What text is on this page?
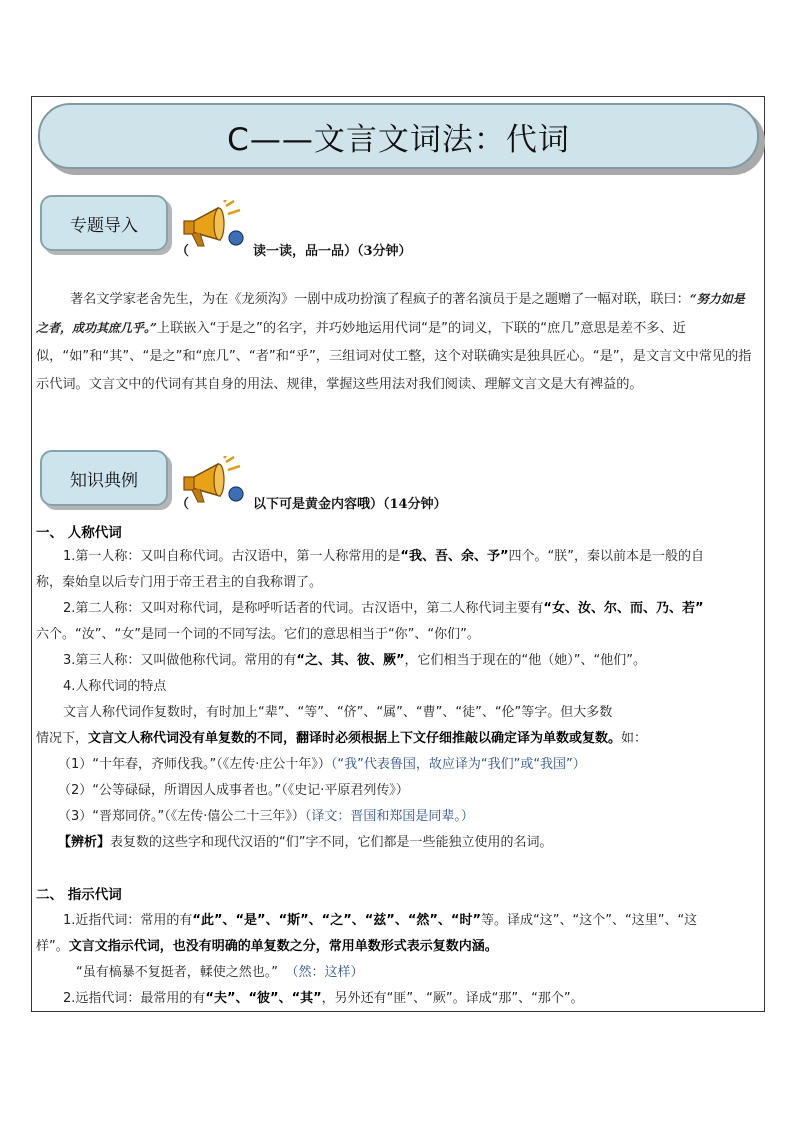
C——文言文词法：代词
专题导入
（	读一读，品一品）（3分钟）
著名文学家老舍先生，为在《龙须沟》一剧中成功扮演了程疯子的著名演员于是之题赠了一幅对联，联曰：“努力如是之者，成功其庶几乎。”上联嵌入“于是之”的名字，并巧妙地运用代词“是”的词义，下联的“庶几”意思是差不多、近似，“如”和“其”、“是之”和“庶几”、“者”和“乎”，三组词对仗工整，这个对联确实是独具匠心。“是”，是文言文中常见的指示代词。文言文中的代词有其自身的用法、规律，掌握这些用法对我们阅读、理解文言文是大有裨益的。
知识典例
（	以下可是黄金内容哦）（14分钟）
一、 人称代词
1.第一人称：又叫自称代词。古汉语中，第一人称常用的是“我、吾、余、予”四个。“朕”，秦以前本是一般的自
称，秦始皇以后专门用于帝王君主的自我称谓了。
2.第二人称：又叫对称代词，是称呼听话者的代词。古汉语中，第二人称代词主要有“女、汝、尔、而、乃、若”
六个。“汝”、“女”是同一个词的不同写法。它们的意思相当于“你”、“你们”。
3.第三人称：又叫做他称代词。常用的有“之、其、彼、厥”，它们相当于现在的“他（她）”、“他们”。
4.人称代词的特点
文言人称代词作复数时，有时加上“辈”、“等”、“侪”、“属”、“曹”、“徒”、“伦”等字。但大多数
情况下，文言文人称代词没有单复数的不同，翻译时必须根据上下文仔细推敲以确定译为单数或复数。如：
（1）“十年春，齐师伐我。”（《左传·庄公十年》）（“我”代表鲁国，故应译为“我们”或“我国”）
（2）“公等碌碌，所谓因人成事者也。”（《史记·平原君列传》）
（3）“晋郑同侪。”（《左传·僖公二十三年》）（译文：晋国和郑国是同辈。）
【辨析】表复数的这些字和现代汉语的“们”字不同，它们都是一些能独立使用的名词。
二、 指示代词
1.近指代词：常用的有“此”、“是”、“斯”、“之”、“兹”、“然”、“时”等。译成“这”、“这个”、“这里”、“这
样”。文言文指示代词，也没有明确的单复数之分，常用单数形式表示复数内涵。
“虽有槁暴不复挺者，輮使之然也。” （然：这样）
2.远指代词：最常用的有“夫”、“彼”、“其”，另外还有“匪”、“厥”。译成“那”、“那个”。
